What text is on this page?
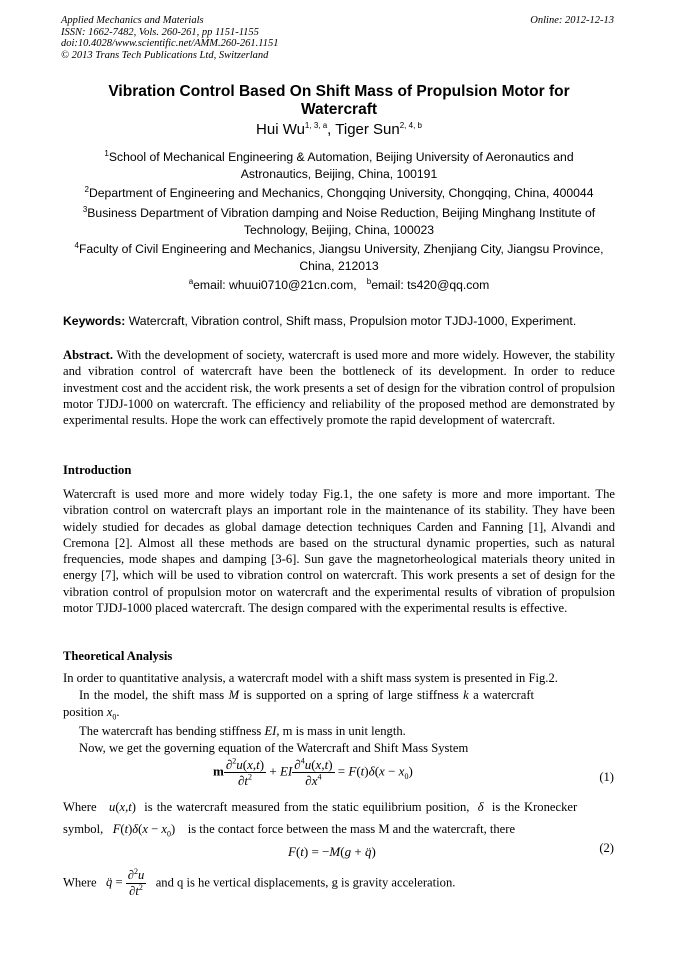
Applied Mechanics and Materials
ISSN: 1662-7482, Vols. 260-261, pp 1151-1155
doi:10.4028/www.scientific.net/AMM.260-261.1151
© 2013 Trans Tech Publications Ltd, Switzerland
Online: 2012-12-13
Vibration Control Based On Shift Mass of Propulsion Motor for
Watercraft
Hui Wu$^{1, 3, a}$, Tiger Sun$^{2, 4, b}$
$^1$School of Mechanical Engineering & Automation, Beijing University of Aeronautics and
Astronautics, Beijing, China, 100191
$^2$Department of Engineering and Mechanics, Chongqing University, Chongqing, China, 400044
$^3$Business Department of Vibration damping and Noise Reduction, Beijing Minghang Institute of
Technology, Beijing, China, 100023
$^4$Faculty of Civil Engineering and Mechanics, Jiangsu University, Zhenjiang City, Jiangsu Province,
China, 212013
$^a$email: whuui0710@21cn.com, $^b$email: ts420@qq.com
Keywords: Watercraft, Vibration control, Shift mass, Propulsion motor TJDJ-1000, Experiment.
Abstract. With the development of society, watercraft is used more and more widely. However, the stability and vibration control of watercraft have been the bottleneck of its development. In order to reduce investment cost and the accident risk, the work presents a set of design for the vibration control of propulsion motor TJDJ-1000 on watercraft. The efficiency and reliability of the proposed method are demonstrated by experimental results. Hope the work can effectively promote the rapid development of watercraft.
Introduction
Watercraft is used more and more widely today Fig.1, the one safety is more and more important. The vibration control on watercraft plays an important role in the maintenance of its stability. They have been widely studied for decades as global damage detection techniques Carden and Fanning [1], Alvandi and Cremona [2]. Almost all these methods are based on the structural dynamic properties, such as natural frequencies, mode shapes and damping [3-6]. Sun gave the magnetorheological materials theory united in energy [7], which will be used to vibration control on watercraft. This work presents a set of design for the vibration control of propulsion motor on watercraft and the experimental results of vibration of propulsion motor TJDJ-1000 placed watercraft. The design compared with the experimental results is effective.
Theoretical Analysis
In order to quantitative analysis, a watercraft model with a shift mass system is presented in Fig.2.
In the model, the shift mass M is supported on a spring of large stiffness k a watercraft
position $x_0$.
The watercraft has bending stiffness EI, m is mass in unit length.
Now, we get the governing equation of the Watercraft and Shift Mass System
m $\frac{\partial^2u(x,t)}{\partial t^2}$ + EI $\frac{\partial^4u(x,t)}{\partial x^4} = F(t)\delta(x - x_0)$	(1)
Where   u(x,t)  is the watercraft measured from the static equilibrium position,  δ  is the Kronecker
symbol,   $F(t)\delta(x - x_0)$    is the contact force between the mass M and the watercraft, there
F(t) = −M(g + q̈)	(2)
Where   q̈ = $\frac{\partial^2u}{\partial t^2}$ and q is he vertical displacements, g is gravity acceleration.
